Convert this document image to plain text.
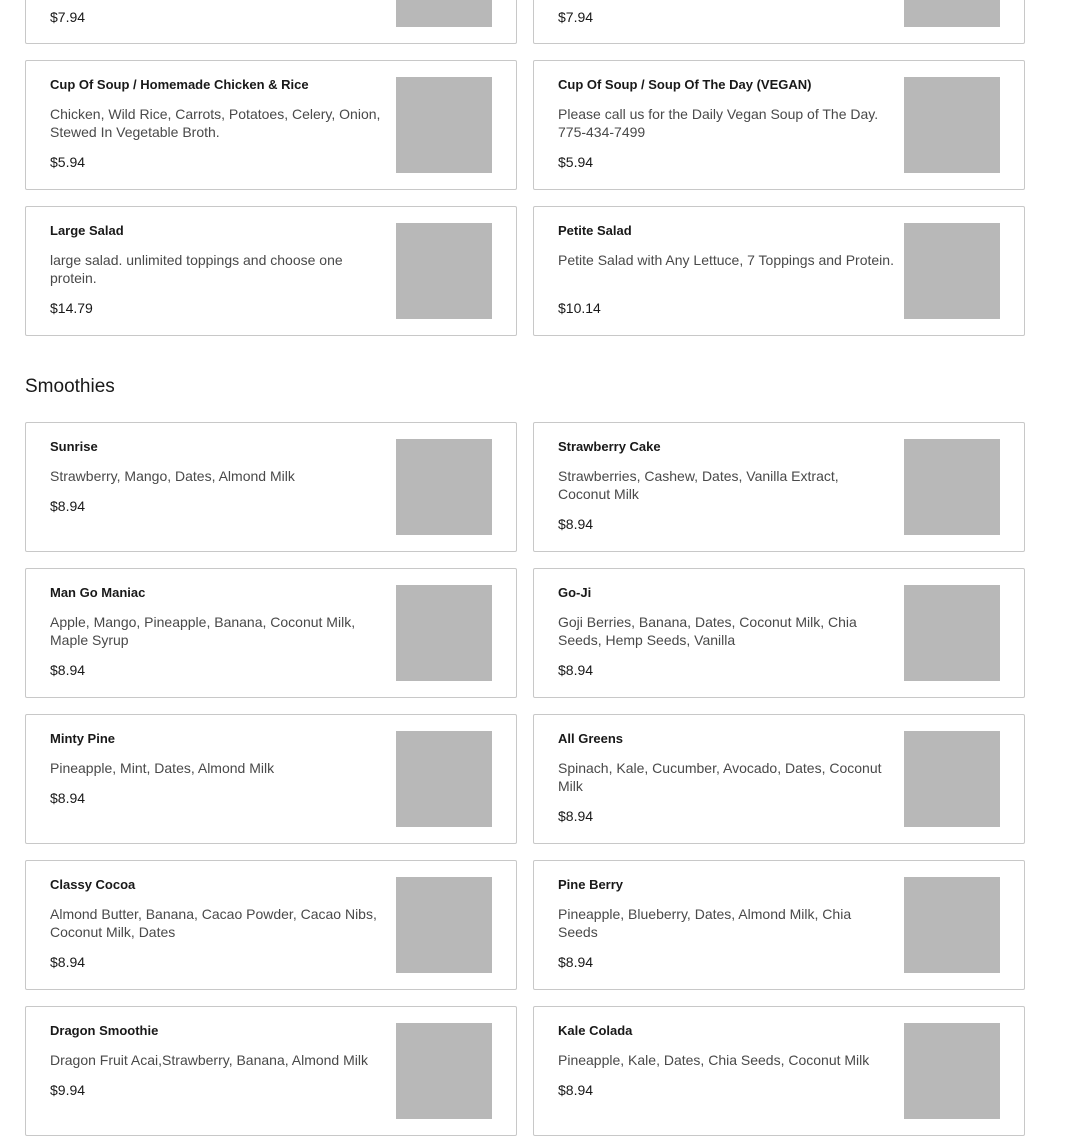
$7.94	$7.94
Cup Of Soup / Homemade Chicken & Rice
Chicken, Wild Rice, Carrots, Potatoes, Celery, Onion, Stewed In Vegetable Broth.
$5.94
Cup Of Soup / Soup Of The Day (VEGAN)
Please call us for the Daily Vegan Soup of The Day. 775-434-7499
$5.94
Large Salad
large salad. unlimited toppings and choose one protein.
$14.79
Petite Salad
Petite Salad with Any Lettuce, 7 Toppings and Protein.
$10.14
Smoothies
Sunrise
Strawberry, Mango, Dates, Almond Milk
$8.94
Strawberry Cake
Strawberries, Cashew, Dates, Vanilla Extract, Coconut Milk
$8.94
Man Go Maniac
Apple, Mango, Pineapple, Banana, Coconut Milk, Maple Syrup
$8.94
Go-Ji
Goji Berries, Banana, Dates, Coconut Milk, Chia Seeds, Hemp Seeds, Vanilla
$8.94
Minty Pine
Pineapple, Mint, Dates, Almond Milk
$8.94
All Greens
Spinach, Kale, Cucumber, Avocado, Dates, Coconut Milk
$8.94
Classy Cocoa
Almond Butter, Banana, Cacao Powder, Cacao Nibs, Coconut Milk, Dates
$8.94
Pine Berry
Pineapple, Blueberry, Dates, Almond Milk, Chia Seeds
$8.94
Dragon Smoothie
Dragon Fruit Acai,Strawberry, Banana, Almond Milk
$9.94
Kale Colada
Pineapple, Kale, Dates, Chia Seeds, Coconut Milk
$8.94
